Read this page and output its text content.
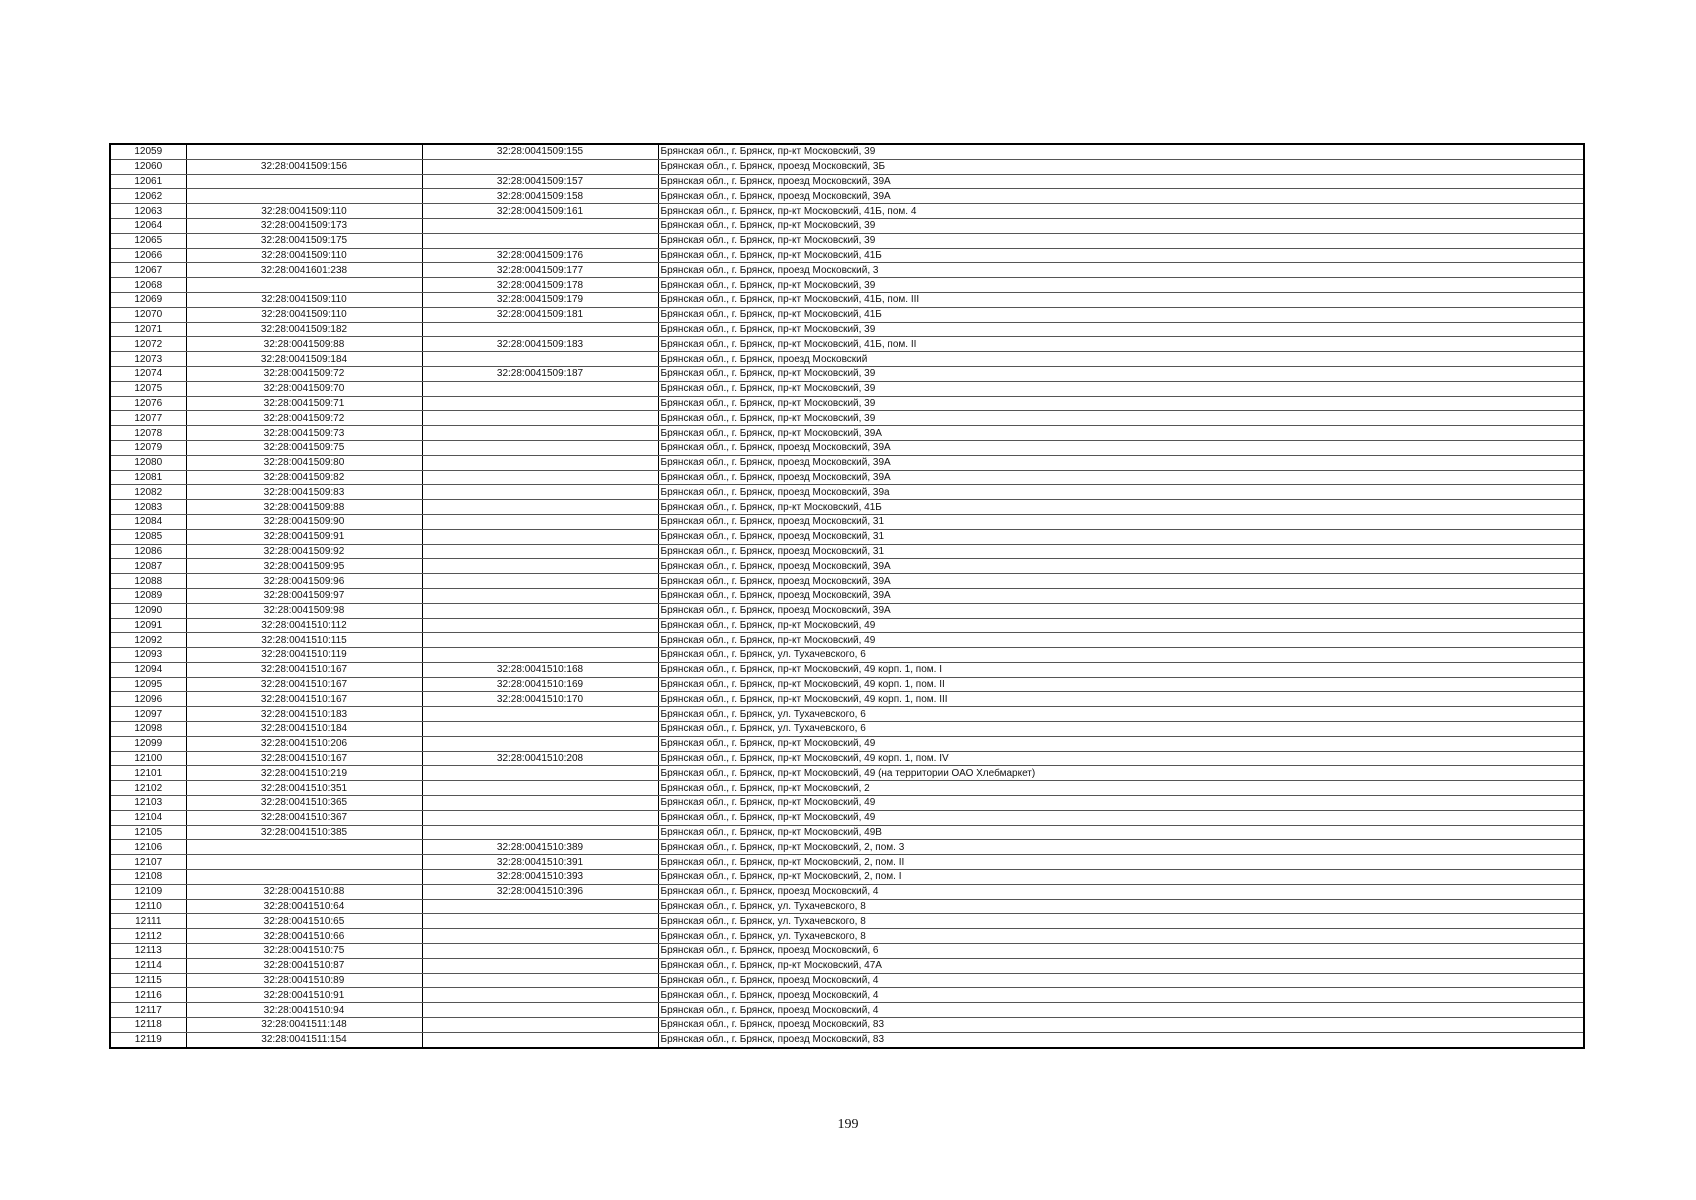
12059		32:28:0041509:155	Брянская обл., г. Брянск, пр-кт Московский, 39
12060	32:28:0041509:156		Брянская обл., г. Брянск, проезд Московский, 3Б
12061		32:28:0041509:157	Брянская обл., г. Брянск, проезд Московский, 39А
12062		32:28:0041509:158	Брянская обл., г. Брянск, проезд Московский, 39А
12063	32:28:0041509:110	32:28:0041509:161	Брянская обл., г. Брянск, пр-кт Московский, 41Б, пом. 4
12064	32:28:0041509:173		Брянская обл., г. Брянск, пр-кт Московский, 39
12065	32:28:0041509:175		Брянская обл., г. Брянск, пр-кт Московский, 39
12066	32:28:0041509:110	32:28:0041509:176	Брянская обл., г. Брянск, пр-кт Московский, 41Б
12067	32:28:0041601:238	32:28:0041509:177	Брянская обл., г. Брянск, проезд Московский, 3
12068		32:28:0041509:178	Брянская обл., г. Брянск, пр-кт Московский, 39
12069	32:28:0041509:110	32:28:0041509:179	Брянская обл., г. Брянск, пр-кт Московский, 41Б, пом. III
12070	32:28:0041509:110	32:28:0041509:181	Брянская обл., г. Брянск, пр-кт Московский, 41Б
12071	32:28:0041509:182		Брянская обл., г. Брянск, пр-кт Московский, 39
12072	32:28:0041509:88	32:28:0041509:183	Брянская обл., г. Брянск, пр-кт Московский, 41Б, пом. II
12073	32:28:0041509:184		Брянская обл., г. Брянск, проезд Московский
12074	32:28:0041509:72	32:28:0041509:187	Брянская обл., г. Брянск, пр-кт Московский, 39
12075	32:28:0041509:70		Брянская обл., г. Брянск, пр-кт Московский, 39
12076	32:28:0041509:71		Брянская обл., г. Брянск, пр-кт Московский, 39
12077	32:28:0041509:72		Брянская обл., г. Брянск, пр-кт Московский, 39
12078	32:28:0041509:73		Брянская обл., г. Брянск, пр-кт Московский, 39А
12079	32:28:0041509:75		Брянская обл., г. Брянск, проезд Московский, 39А
12080	32:28:0041509:80		Брянская обл., г. Брянск, проезд Московский, 39А
12081	32:28:0041509:82		Брянская обл., г. Брянск, проезд Московский, 39А
12082	32:28:0041509:83		Брянская обл., г. Брянск, проезд Московский, 39а
12083	32:28:0041509:88		Брянская обл., г. Брянск, пр-кт Московский, 41Б
12084	32:28:0041509:90		Брянская обл., г. Брянск, проезд Московский, 31
12085	32:28:0041509:91		Брянская обл., г. Брянск, проезд Московский, 31
12086	32:28:0041509:92		Брянская обл., г. Брянск, проезд Московский, 31
12087	32:28:0041509:95		Брянская обл., г. Брянск, проезд Московский, 39А
12088	32:28:0041509:96		Брянская обл., г. Брянск, проезд Московский, 39А
12089	32:28:0041509:97		Брянская обл., г. Брянск, проезд Московский, 39А
12090	32:28:0041509:98		Брянская обл., г. Брянск, проезд Московский, 39А
12091	32:28:0041510:112		Брянская обл., г. Брянск, пр-кт Московский, 49
12092	32:28:0041510:115		Брянская обл., г. Брянск, пр-кт Московский, 49
12093	32:28:0041510:119		Брянская обл., г. Брянск, ул. Тухачевского, 6
12094	32:28:0041510:167	32:28:0041510:168	Брянская обл., г. Брянск, пр-кт Московский, 49 корп. 1, пом. I
12095	32:28:0041510:167	32:28:0041510:169	Брянская обл., г. Брянск, пр-кт Московский, 49 корп. 1, пом. II
12096	32:28:0041510:167	32:28:0041510:170	Брянская обл., г. Брянск, пр-кт Московский, 49 корп. 1, пом. III
12097	32:28:0041510:183		Брянская обл., г. Брянск, ул. Тухачевского, 6
12098	32:28:0041510:184		Брянская обл., г. Брянск, ул. Тухачевского, 6
12099	32:28:0041510:206		Брянская обл., г. Брянск, пр-кт Московский, 49
12100	32:28:0041510:167	32:28:0041510:208	Брянская обл., г. Брянск, пр-кт Московский, 49 корп. 1, пом. IV
12101	32:28:0041510:219		Брянская обл., г. Брянск, пр-кт Московский, 49 (на территории ОАО Хлебмаркет)
12102	32:28:0041510:351		Брянская обл., г. Брянск, пр-кт Московский, 2
12103	32:28:0041510:365		Брянская обл., г. Брянск, пр-кт Московский, 49
12104	32:28:0041510:367		Брянская обл., г. Брянск, пр-кт Московский, 49
12105	32:28:0041510:385		Брянская обл., г. Брянск, пр-кт Московский, 49В
12106		32:28:0041510:389	Брянская обл., г. Брянск, пр-кт Московский, 2, пом. 3
12107		32:28:0041510:391	Брянская обл., г. Брянск, пр-кт Московский, 2, пом. II
12108		32:28:0041510:393	Брянская обл., г. Брянск, пр-кт Московский, 2, пом. I
12109	32:28:0041510:88	32:28:0041510:396	Брянская обл., г. Брянск, проезд Московский, 4
12110	32:28:0041510:64		Брянская обл., г. Брянск, ул. Тухачевского, 8
12111	32:28:0041510:65		Брянская обл., г. Брянск, ул. Тухачевского, 8
12112	32:28:0041510:66		Брянская обл., г. Брянск, ул. Тухачевского, 8
12113	32:28:0041510:75		Брянская обл., г. Брянск, проезд Московский, 6
12114	32:28:0041510:87		Брянская обл., г. Брянск, пр-кт Московский, 47А
12115	32:28:0041510:89		Брянская обл., г. Брянск, проезд Московский, 4
12116	32:28:0041510:91		Брянская обл., г. Брянск, проезд Московский, 4
12117	32:28:0041510:94		Брянская обл., г. Брянск, проезд Московский, 4
12118	32:28:0041511:148		Брянская обл., г. Брянск, проезд Московский, 83
12119	32:28:0041511:154		Брянская обл., г. Брянск, проезд Московский, 83
199
